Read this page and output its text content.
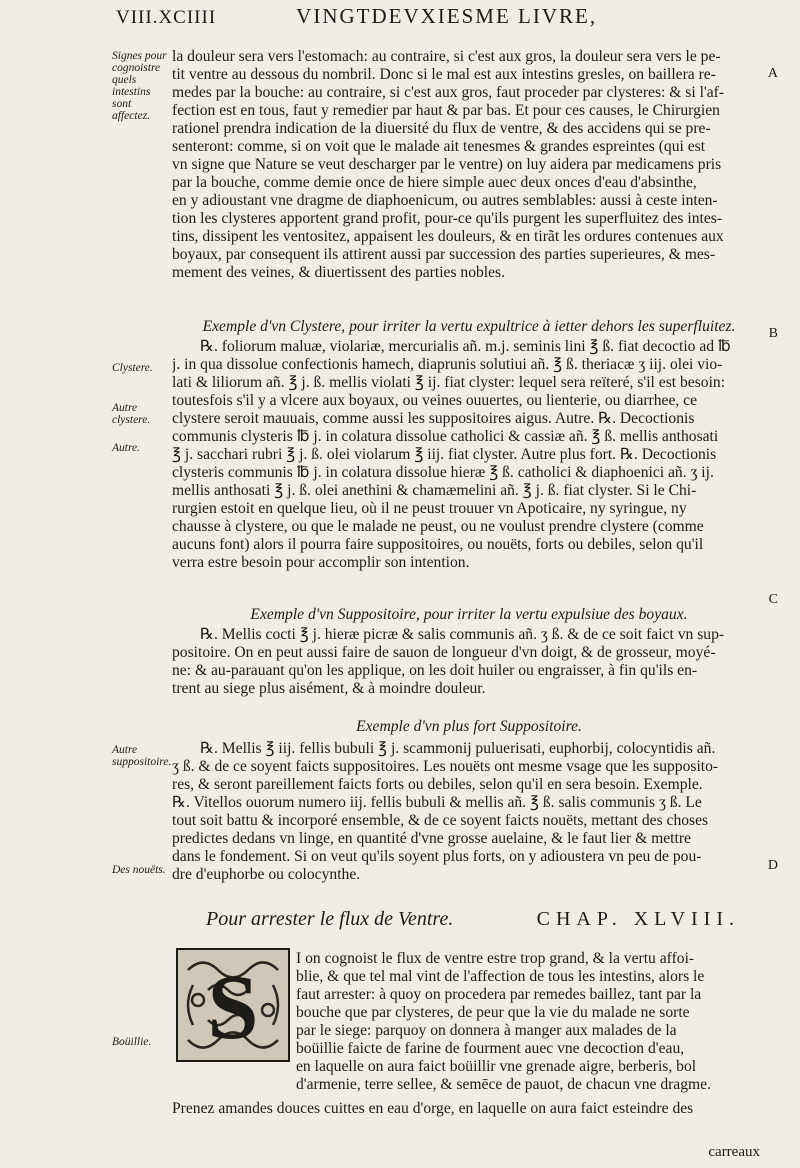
VIII.XCIIII	VINGTDEVXIESME LIVRE,
Signes pour cognoistre quels intestins sont affectez.
Clystere.
Autre clystere.
Autre.
Autre suppositoire.
Des nouëts.
Boüillie.
A
B
C
D
la douleur sera vers l'estomach: au contraire, si c'est aux gros, la douleur sera vers le pe-
tit ventre au dessous du nombril. Donc si le mal est aux intestins gresles, on baillera re-
medes par la bouche: au contraire, si c'est aux gros, faut proceder par clysteres: & si l'af-
fection est en tous, faut y remedier par haut & par bas. Et pour ces causes, le Chirurgien
rationel prendra indication de la diuersité du flux de ventre, & des accidens qui se pre-
senteront: comme, si on voit que le malade ait tenesmes & grandes espreintes (qui est
vn signe que Nature se veut descharger par le ventre) on luy aidera par medicamens pris
par la bouche, comme demie once de hiere simple auec deux onces d'eau d'absinthe,
en y adioustant vne dragme de diaphoenicum, ou autres semblables: aussi à ceste inten-
tion les clysteres apportent grand profit, pour-ce qu'ils purgent les superfluitez des intes-
tins, dissipent les ventositez, appaisent les douleurs, & en tirãt les ordures contenues aux
boyaux, par consequent ils attirent aussi par succession des parties superieures, & mes-
mement des veines, & diuertissent des parties nobles.
Exemple d'vn Clystere, pour irriter la vertu expultrice à ietter dehors les superfluitez.
℞. foliorum maluæ, violariæ, mercurialis añ. m.j. seminis lini ℥ ß. fiat decoctio ad ℔
j. in qua dissolue confectionis hamech, diaprunis solutiui añ. ℥ ß. theriacæ ʒ iij. olei vio-
lati & liliorum añ. ℥ j. ß. mellis violati ℥ ij. fiat clyster: lequel sera reïteré, s'il est besoin:
toutesfois s'il y a vlcere aux boyaux, ou veines ouuertes, ou lienterie, ou diarrhee, ce
clystere seroit mauuais, comme aussi les suppositoires aigus. Autre. ℞. Decoctionis
communis clysteris ℔ j. in colatura dissolue catholici & cassiæ añ. ℥ ß. mellis anthosati
℥ j. sacchari rubri ℥ j. ß. olei violarum ℥ iij. fiat clyster. Autre plus fort. ℞. Decoctionis
clysteris communis ℔ j. in colatura dissolue hieræ ℥ ß. catholici & diaphoenici añ. ʒ ij.
mellis anthosati ℥ j. ß. olei anethini & chamæmelini añ. ℥ j. ß. fiat clyster. Si le Chi-
rurgien estoit en quelque lieu, où il ne peust trouuer vn Apoticaire, ny syringue, ny
chausse à clystere, ou que le malade ne peust, ou ne voulust prendre clystere (comme
aucuns font) alors il pourra faire suppositoires, ou nouëts, forts ou debiles, selon qu'il
verra estre besoin pour accomplir son intention.
Exemple d'vn Suppositoire, pour irriter la vertu expulsiue des boyaux.
℞. Mellis cocti ℥ j. hieræ picræ & salis communis añ. ʒ ß. & de ce soit faict vn sup-
positoire. On en peut aussi faire de sauon de longueur d'vn doigt, & de grosseur, moyé-
ne: & au-parauant qu'on les applique, on les doit huiler ou engraisser, à fin qu'ils en-
trent au siege plus aisément, & à moindre douleur.
Exemple d'vn plus fort Suppositoire.
℞. Mellis ℥ iij. fellis bubuli ℥ j. scammonij puluerisati, euphorbij, colocyntidis añ.
ʒ ß. & de ce soyent faicts suppositoires. Les nouëts ont mesme vsage que les supposito-
res, & seront pareillement faicts forts ou debiles, selon qu'il en sera besoin. Exemple.
℞. Vitellos ouorum numero iij. fellis bubuli & mellis añ. ℥ ß. salis communis ʒ ß. Le
tout soit battu & incorporé ensemble, & de ce soyent faicts nouëts, mettant des choses
predictes dedans vn linge, en quantité d'vne grosse auelaine, & le faut lier & mettre
dans le fondement. Si on veut qu'ils soyent plus forts, on y adioustera vn peu de pou-
dre d'euphorbe ou colocynthe.
Pour arrester le flux de Ventre.	CHAP. XLVIII.
S I on cognoist le flux de ventre estre trop grand, & la vertu affoi-
blie, & que tel mal vint de l'affection de tous les intestins, alors le
faut arrester: à quoy on procedera par remedes baillez, tant par la
bouche que par clysteres, de peur que la vie du malade ne sorte
par le siege: parquoy on donnera à manger aux malades de la
boüillie faicte de farine de fourment auec vne decoction d'eau,
en laquelle on aura faict boüillir vne grenade aigre, berberis, bol
d'armenie, terre sellee, & semēce de pauot, de chacun vne dragme.
Prenez amandes douces cuittes en eau d'orge, en laquelle on aura faict esteindre des
carreaux
